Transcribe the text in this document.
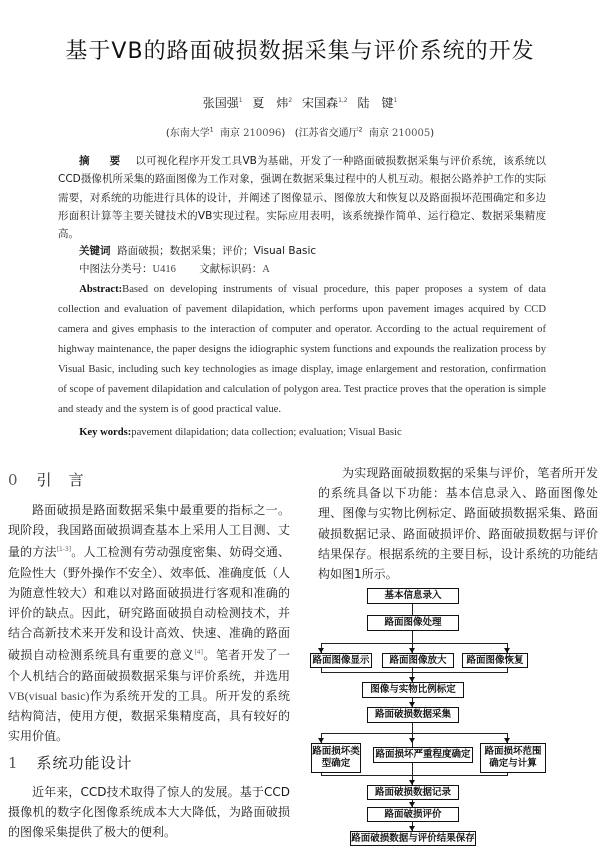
基于VB的路面破损数据采集与评价系统的开发
张国强$^1$ 夏　炜$^2$ 宋国森$^{1,2}$ 陆　键$^1$
(东南大学$^1$ 南京 210096)   (江苏省交通厅$^2$ 南京 210005)
摘 要 以可视化程序开发工具VB为基础，开发了一种路面破损数据采集与评价系统，该系统以CCD摄像机所采集的路面图像为工作对象，强调在数据采集过程中的人机互动。根据公路养护工作的实际需要，对系统的功能进行具体的设计，并阐述了图像显示、图像放大和恢复以及路面损坏范围确定和多边形面积计算等主要关键技术的VB实现过程。实际应用表明，该系统操作简单、运行稳定、数据采集精度高。
关键词 路面破损；数据采集；评价；Visual Basic
中图法分类号：U416 文献标识码：A
Abstract:Based on developing instruments of visual procedure, this paper proposes a system of data collection and evaluation of pavement dilapidation, which performs upon pavement images acquired by CCD camera and gives emphasis to the interaction of computer and operator. According to the actual requirement of highway maintenance, the paper designs the idiographic system functions and expounds the realization process by Visual Basic, including such key technologies as image display, image enlargement and restoration, confirmation of scope of pavement dilapidation and calculation of polygon area. Test practice proves that the operation is simple and steady and the system is of good practical value.
Key words:pavement dilapidation; data collection; evaluation; Visual Basic
0 引　言
路面破损是路面数据采集中最重要的指标之一。现阶段，我国路面破损调查基本上采用人工目测、丈量的方法[1-3]。人工检测有劳动强度密集、妨碍交通、危险性大（野外操作不安全）、效率低、准确度低（人为随意性较大）和难以对路面破损进行客观和准确的评价的缺点。因此，研究路面破损自动检测技术，并结合高新技术来开发和设计高效、快速、准确的路面破损自动检测系统具有重要的意义[4]。笔者开发了一个人机结合的路面破损数据采集与评价系统，并选用VB(visual basic)作为系统开发的工具。所开发的系统结构简洁，使用方便，数据采集精度高，具有较好的实用价值。
1 系统功能设计
近年来，CCD技术取得了惊人的发展。基于CCD摄像机的数字化图像系统成本大大降低，为路面破损的图像采集提供了极大的便利。
为实现路面破损数据的采集与评价，笔者所开发的系统具备以下功能：基本信息录入、路面图像处理、图像与实物比例标定、路面破损数据采集、路面破损数据记录、路面破损评价、路面破损数据与评价结果保存。根据系统的主要目标，设计系统的功能结构如图1所示。
基本信息录入
路面图像处理
路面图像显示	路面图像放大	路面图像恢复
图像与实物比例标定
路面破损数据采集
路面损坏类型确定
路面损坏严重程度确定	路面损坏范围确定与计算
路面破损数据记录
路面破损评价
路面破损数据与评价结果保存
